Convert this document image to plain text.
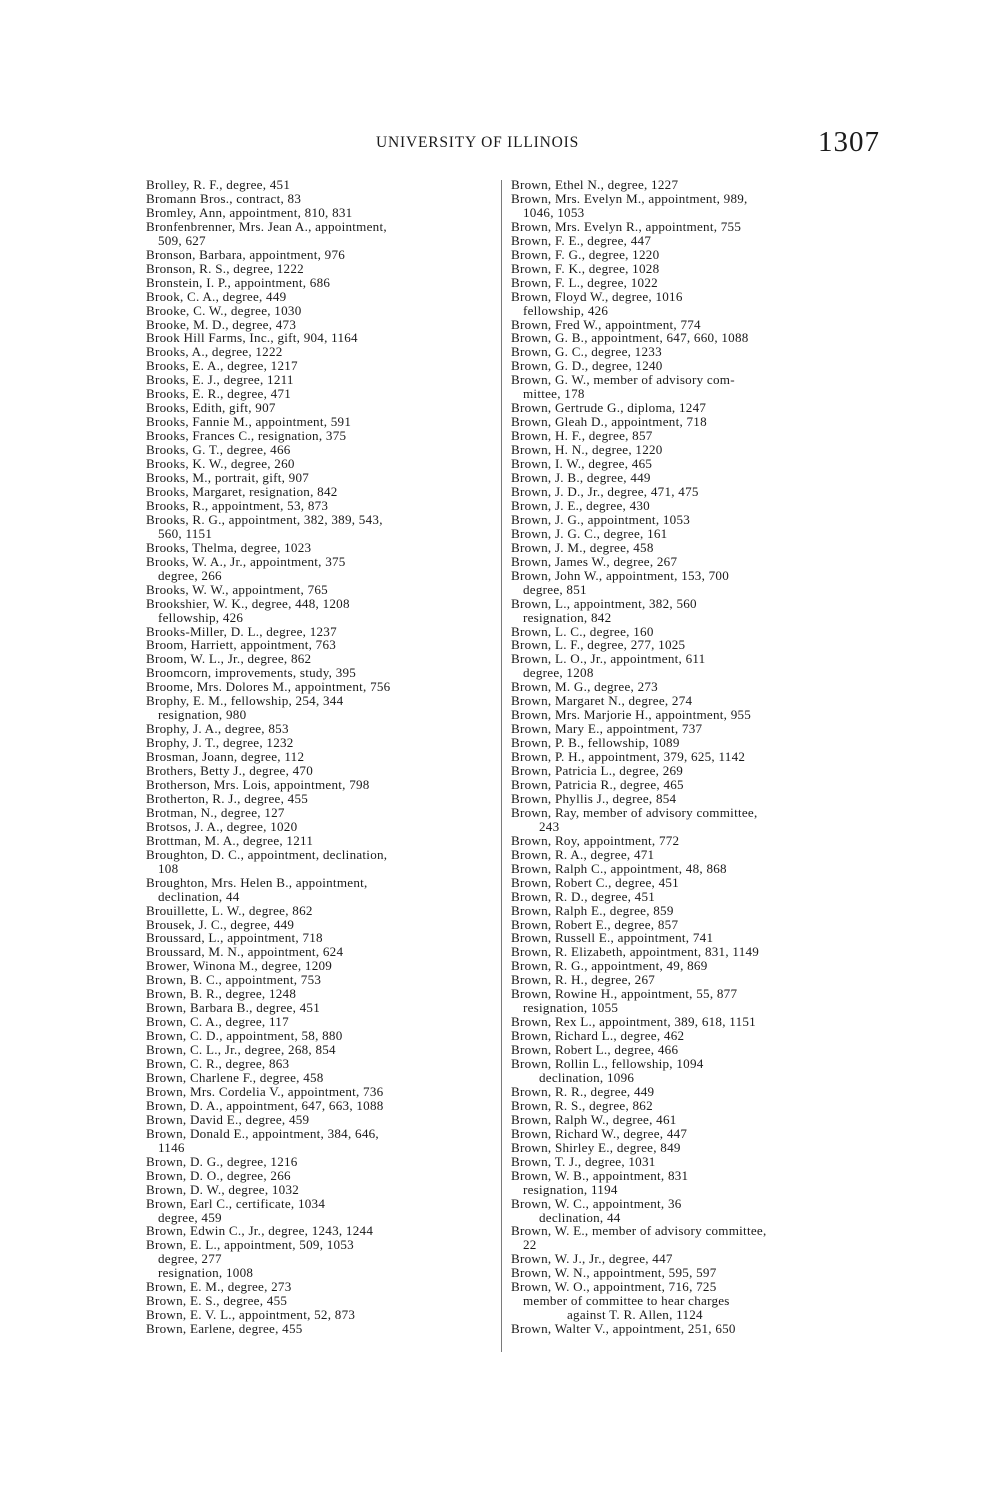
UNIVERSITY OF ILLINOIS	1307
Brolley, R. F., degree, 451
Bromann Bros., contract, 83
Bromley, Ann, appointment, 810, 831
Bronfenbrenner, Mrs. Jean A., appointment,
509, 627
Bronson, Barbara, appointment, 976
Bronson, R. S., degree, 1222
Bronstein, I. P., appointment, 686
Brook, C. A., degree, 449
Brooke, C. W., degree, 1030
Brooke, M. D., degree, 473
Brook Hill Farms, Inc., gift, 904, 1164
Brooks, A., degree, 1222
Brooks, E. A., degree, 1217
Brooks, E. J., degree, 1211
Brooks, E. R., degree, 471
Brooks, Edith, gift, 907
Brooks, Fannie M., appointment, 591
Brooks, Frances C., resignation, 375
Brooks, G. T., degree, 466
Brooks, K. W., degree, 260
Brooks, M., portrait, gift, 907
Brooks, Margaret, resignation, 842
Brooks, R., appointment, 53, 873
Brooks, R. G., appointment, 382, 389, 543,
560, 1151
Brooks, Thelma, degree, 1023
Brooks, W. A., Jr., appointment, 375
degree, 266
Brooks, W. W., appointment, 765
Brookshier, W. K., degree, 448, 1208
fellowship, 426
Brooks-Miller, D. L., degree, 1237
Broom, Harriett, appointment, 763
Broom, W. L., Jr., degree, 862
Broomcorn, improvements, study, 395
Broome, Mrs. Dolores M., appointment, 756
Brophy, E. M., fellowship, 254, 344
resignation, 980
Brophy, J. A., degree, 853
Brophy, J. T., degree, 1232
Brosman, Joann, degree, 112
Brothers, Betty J., degree, 470
Brotherson, Mrs. Lois, appointment, 798
Brotherton, R. J., degree, 455
Brotman, N., degree, 127
Brotsos, J. A., degree, 1020
Brottman, M. A., degree, 1211
Broughton, D. C., appointment, declination,
108
Broughton, Mrs. Helen B., appointment,
declination, 44
Brouillette, L. W., degree, 862
Brousek, J. C., degree, 449
Broussard, L., appointment, 718
Broussard, M. N., appointment, 624
Brower, Winona M., degree, 1209
Brown, B. C., appointment, 753
Brown, B. R., degree, 1248
Brown, Barbara B., degree, 451
Brown, C. A., degree, 117
Brown, C. D., appointment, 58, 880
Brown, C. L., Jr., degree, 268, 854
Brown, C. R., degree, 863
Brown, Charlene F., degree, 458
Brown, Mrs. Cordelia V., appointment, 736
Brown, D. A., appointment, 647, 663, 1088
Brown, David E., degree, 459
Brown, Donald E., appointment, 384, 646,
1146
Brown, D. G., degree, 1216
Brown, D. O., degree, 266
Brown, D. W., degree, 1032
Brown, Earl C., certificate, 1034
degree, 459
Brown, Edwin C., Jr., degree, 1243, 1244
Brown, E. L., appointment, 509, 1053
degree, 277
resignation, 1008
Brown, E. M., degree, 273
Brown, E. S., degree, 455
Brown, E. V. L., appointment, 52, 873
Brown, Earlene, degree, 455
Brown, Ethel N., degree, 1227
Brown, Mrs. Evelyn M., appointment, 989,
1046, 1053
Brown, Mrs. Evelyn R., appointment, 755
Brown, F. E., degree, 447
Brown, F. G., degree, 1220
Brown, F. K., degree, 1028
Brown, F. L., degree, 1022
Brown, Floyd W., degree, 1016
fellowship, 426
Brown, Fred W., appointment, 774
Brown, G. B., appointment, 647, 660, 1088
Brown, G. C., degree, 1233
Brown, G. D., degree, 1240
Brown, G. W., member of advisory com-
mittee, 178
Brown, Gertrude G., diploma, 1247
Brown, Gleah D., appointment, 718
Brown, H. F., degree, 857
Brown, H. N., degree, 1220
Brown, I. W., degree, 465
Brown, J. B., degree, 449
Brown, J. D., Jr., degree, 471, 475
Brown, J. E., degree, 430
Brown, J. G., appointment, 1053
Brown, J. G. C., degree, 161
Brown, J. M., degree, 458
Brown, James W., degree, 267
Brown, John W., appointment, 153, 700
degree, 851
Brown, L., appointment, 382, 560
resignation, 842
Brown, L. C., degree, 160
Brown, L. F., degree, 277, 1025
Brown, L. O., Jr., appointment, 611
degree, 1208
Brown, M. G., degree, 273
Brown, Margaret N., degree, 274
Brown, Mrs. Marjorie H., appointment, 955
Brown, Mary E., appointment, 737
Brown, P. B., fellowship, 1089
Brown, P. H., appointment, 379, 625, 1142
Brown, Patricia L., degree, 269
Brown, Patricia R., degree, 465
Brown, Phyllis J., degree, 854
Brown, Ray, member of advisory committee,
243
Brown, Roy, appointment, 772
Brown, R. A., degree, 471
Brown, Ralph C., appointment, 48, 868
Brown, Robert C., degree, 451
Brown, R. D., degree, 451
Brown, Ralph E., degree, 859
Brown, Robert E., degree, 857
Brown, Russell E., appointment, 741
Brown, R. Elizabeth, appointment, 831, 1149
Brown, R. G., appointment, 49, 869
Brown, R. H., degree, 267
Brown, Rowine H., appointment, 55, 877
resignation, 1055
Brown, Rex L., appointment, 389, 618, 1151
Brown, Richard L., degree, 462
Brown, Robert L., degree, 466
Brown, Rollin L., fellowship, 1094
declination, 1096
Brown, R. R., degree, 449
Brown, R. S., degree, 862
Brown, Ralph W., degree, 461
Brown, Richard W., degree, 447
Brown, Shirley E., degree, 849
Brown, T. J., degree, 1031
Brown, W. B., appointment, 831
resignation, 1194
Brown, W. C., appointment, 36
declination, 44
Brown, W. E., member of advisory committee,
22
Brown, W. J., Jr., degree, 447
Brown, W. N., appointment, 595, 597
Brown, W. O., appointment, 716, 725
member of committee to hear charges
against T. R. Allen, 1124
Brown, Walter V., appointment, 251, 650
